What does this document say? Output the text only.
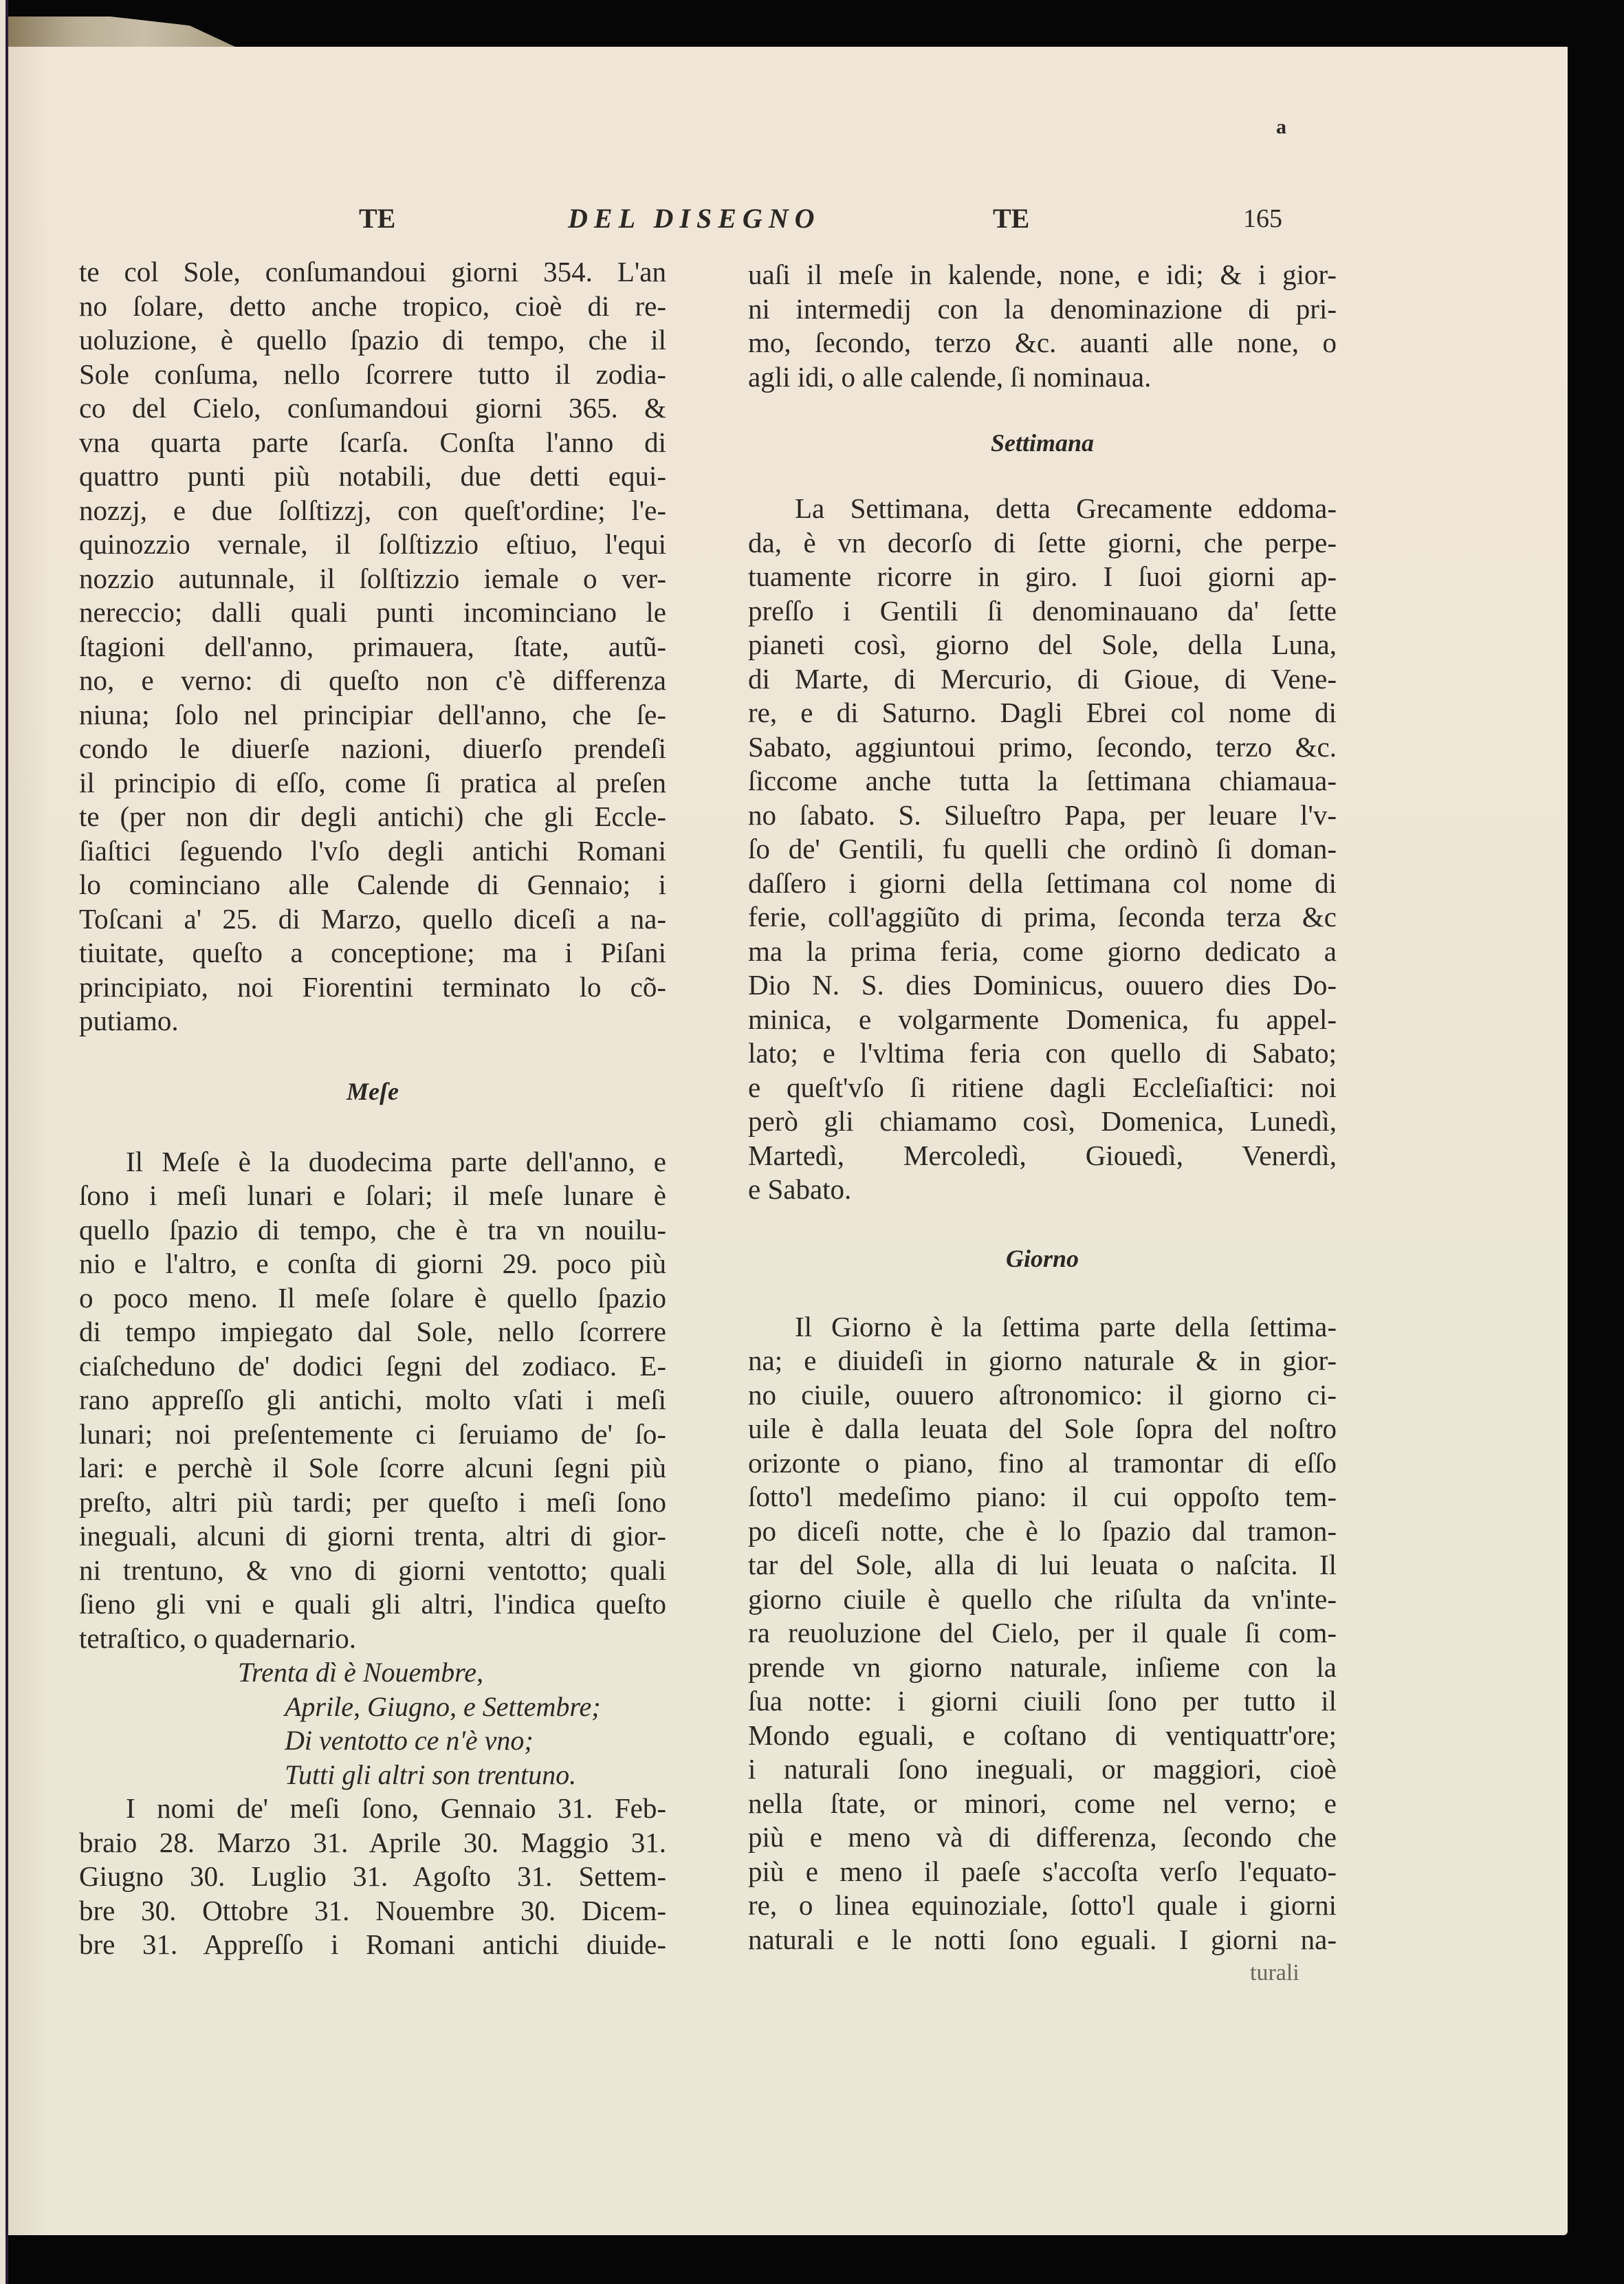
a
TE	DEL DISEGNO	TE	165
te col Sole, conſumandoui giorni 354. L'an
no ſolare, detto anche tropico, cioè di re-
uoluzione, è quello ſpazio di tempo, che il
Sole conſuma, nello ſcorrere tutto il zodia-
co del Cielo, conſumandoui giorni 365. &
vna quarta parte ſcarſa. Conſta l'anno di
quattro punti più notabili, due detti equi-
nozzj, e due ſolſtizzj, con queſt'ordine; l'e-
quinozzio vernale, il ſolſtizzio eſtiuo, l'equi
nozzio autunnale, il ſolſtizzio iemale o ver-
nereccio; dalli quali punti incominciano le
ſtagioni dell'anno, primauera, ſtate, autũ-
no, e verno: di queſto non c'è differenza
niuna; ſolo nel principiar dell'anno, che ſe-
condo le diuerſe nazioni, diuerſo prendeſi
il principio di eſſo, come ſi pratica al preſen
te (per non dir degli antichi) che gli Eccle-
ſiaſtici ſeguendo l'vſo degli antichi Romani
lo cominciano alle Calende di Gennaio; i
Toſcani a' 25. di Marzo, quello diceſi a na-
tiuitate, queſto a conceptione; ma i Piſani
principiato, noi Fiorentini terminato lo cõ-
putiamo.
Meſe
Il Meſe è la duodecima parte dell'anno, e
ſono i meſi lunari e ſolari; il meſe lunare è
quello ſpazio di tempo, che è tra vn nouilu-
nio e l'altro, e conſta di giorni 29. poco più
o poco meno. Il meſe ſolare è quello ſpazio
di tempo impiegato dal Sole, nello ſcorrere
ciaſcheduno de' dodici ſegni del zodiaco. E-
rano appreſſo gli antichi, molto vſati i meſi
lunari; noi preſentemente ci ſeruiamo de' ſo-
lari: e perchè il Sole ſcorre alcuni ſegni più
preſto, altri più tardi; per queſto i meſi ſono
ineguali, alcuni di giorni trenta, altri di gior-
ni trentuno, & vno di giorni ventotto; quali
ſieno gli vni e quali gli altri, l'indica queſto
tetraſtico, o quadernario.
Trenta dì è Nouembre,
Aprile, Giugno, e Settembre;
Di ventotto ce n'è vno;
Tutti gli altri son trentuno.
I nomi de' meſi ſono, Gennaio 31. Feb-
braio 28. Marzo 31. Aprile 30. Maggio 31.
Giugno 30. Luglio 31. Agoſto 31. Settem-
bre 30. Ottobre 31. Nouembre 30. Dicem-
bre 31. Appreſſo i Romani antichi diuide-
uaſi il meſe in kalende, none, e idi; & i gior-
ni intermedij con la denominazione di pri-
mo, ſecondo, terzo &c. auanti alle none, o
agli idi, o alle calende, ſi nominaua.
Settimana
La Settimana, detta Grecamente eddoma-
da, è vn decorſo di ſette giorni, che perpe-
tuamente ricorre in giro. I ſuoi giorni ap-
preſſo i Gentili ſi denominauano da' ſette
pianeti così, giorno del Sole, della Luna,
di Marte, di Mercurio, di Gioue, di Vene-
re, e di Saturno. Dagli Ebrei col nome di
Sabato, aggiuntoui primo, ſecondo, terzo &c.
ſiccome anche tutta la ſettimana chiamaua-
no ſabato. S. Silueſtro Papa, per leuare l'v-
ſo de' Gentili, fu quelli che ordinò ſi doman-
daſſero i giorni della ſettimana col nome di
ferie, coll'aggiũto di prima, ſeconda terza &c
ma la prima feria, come giorno dedicato a
Dio N. S. dies Dominicus, ouuero dies Do-
minica, e volgarmente Domenica, fu appel-
lato; e l'vltima feria con quello di Sabato;
e queſt'vſo ſi ritiene dagli Eccleſiaſtici: noi
però gli chiamamo così, Domenica, Lunedì,
Martedì, Mercoledì, Giouedì, Venerdì,
e Sabato.
Giorno
Il Giorno è la ſettima parte della ſettima-
na; e diuideſi in giorno naturale & in gior-
no ciuile, ouuero aſtronomico: il giorno ci-
uile è dalla leuata del Sole ſopra del noſtro
orizonte o piano, fino al tramontar di eſſo
ſotto'l medeſimo piano: il cui oppoſto tem-
po diceſi notte, che è lo ſpazio dal tramon-
tar del Sole, alla di lui leuata o naſcita. Il
giorno ciuile è quello che riſulta da vn'inte-
ra reuoluzione del Cielo, per il quale ſi com-
prende vn giorno naturale, inſieme con la
ſua notte: i giorni ciuili ſono per tutto il
Mondo eguali, e coſtano di ventiquattr'ore;
i naturali ſono ineguali, or maggiori, cioè
nella ſtate, or minori, come nel verno; e
più e meno và di differenza, ſecondo che
più e meno il paeſe s'accoſta verſo l'equato-
re, o linea equinoziale, ſotto'l quale i giorni
naturali e le notti ſono eguali. I giorni na-
turali
